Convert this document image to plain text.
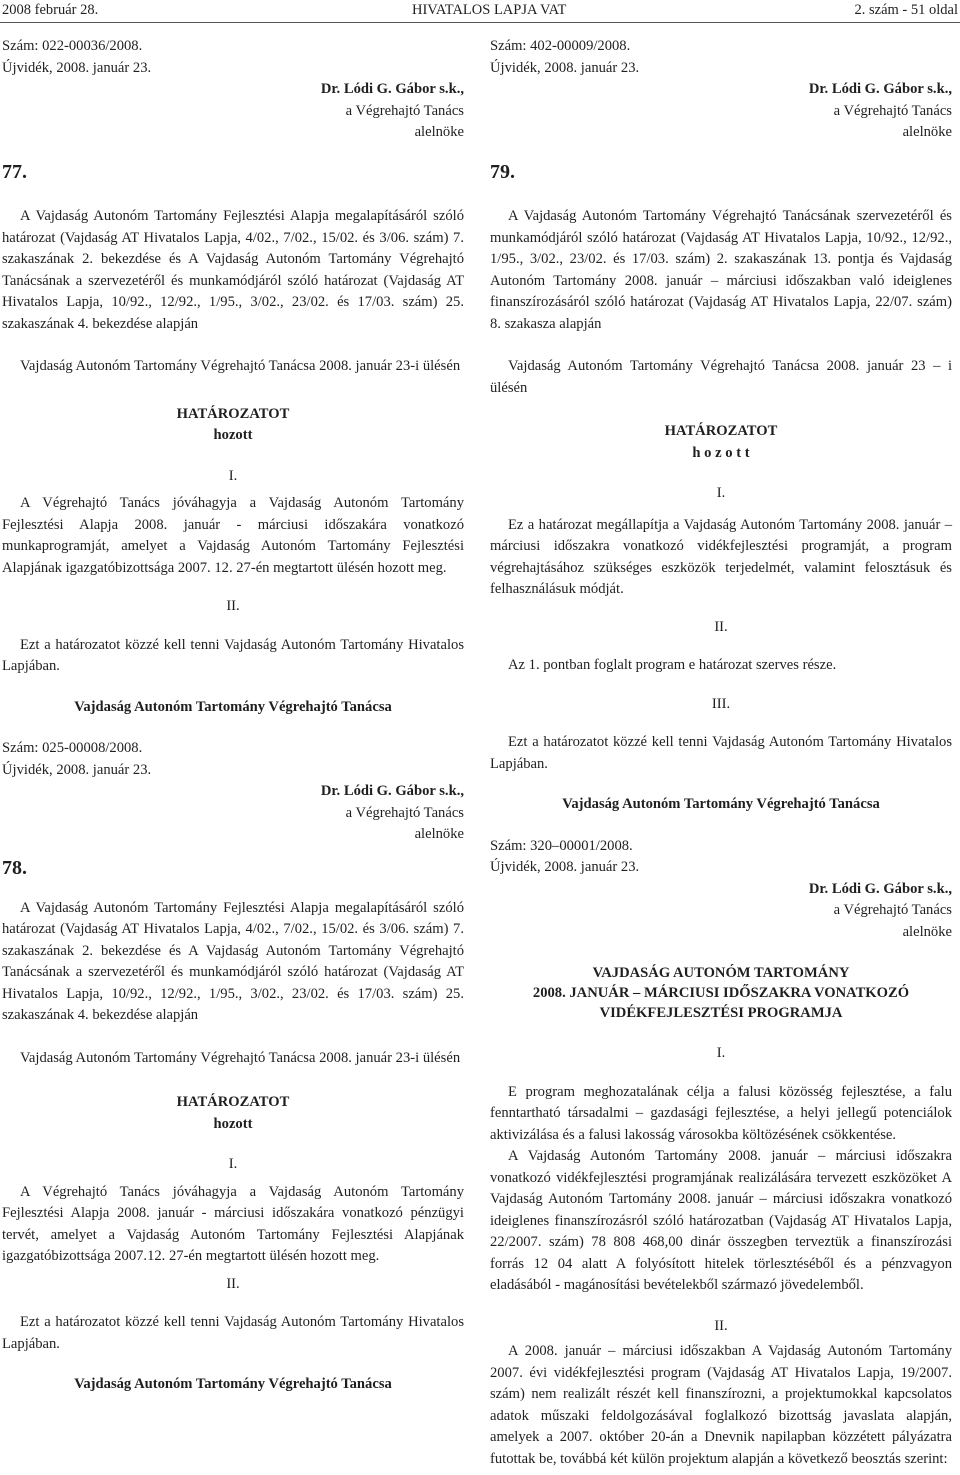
2008 február 28.	HIVATALOS LAPJA VAT	2. szám - 51 oldal

Szám: 022-00036/2008.

Újvidék, 2008. január 23.

Dr. Lódi G. Gábor s.k.,

a Végrehajtó Tanács

alelnöke

77.

A Vajdaság Autonóm Tartomány Fejlesztési Alapja megalapításáról szóló határozat (Vajdaság AT Hivatalos Lapja, 4/02., 7/02., 15/02. és 3/06. szám) 7. szakaszának 2. bekezdése és A Vajdaság Autonóm Tartomány Végrehajtó Tanácsának a szervezetéről és munkamódjáról szóló határozat (Vajdaság AT Hivatalos Lapja, 10/92., 12/92., 1/95., 3/02., 23/02. és 17/03. szám) 25. szakaszának 4. bekezdése alapján

Vajdaság Autonóm Tartomány Végrehajtó Tanácsa 2008. január 23-i ülésén

HATÁROZATOT

hozott

I.

A Végrehajtó Tanács jóváhagyja a Vajdaság Autonóm Tartomány Fejlesztési Alapja 2008. január - márciusi időszakára vonatkozó munkaprogramját, amelyet a Vajdaság Autonóm Tartomány Fejlesztési Alapjának igazgatóbizottsága 2007. 12. 27-én megtartott ülésén hozott meg.

II.

Ezt a határozatot közzé kell tenni Vajdaság Autonóm Tartomány Hivatalos Lapjában.

Vajdaság Autonóm Tartomány Végrehajtó Tanácsa

Szám: 025-00008/2008.

Újvidék, 2008. január 23.

Dr. Lódi G. Gábor s.k.,

a Végrehajtó Tanács

alelnöke

78.

A Vajdaság Autonóm Tartomány Fejlesztési Alapja megalapításáról szóló határozat (Vajdaság AT Hivatalos Lapja, 4/02., 7/02., 15/02. és 3/06. szám) 7. szakaszának 2. bekezdése és A Vajdaság Autonóm Tartomány Végrehajtó Tanácsának a szervezetéről és munkamódjáról szóló határozat (Vajdaság AT Hivatalos Lapja, 10/92., 12/92., 1/95., 3/02., 23/02. és 17/03. szám) 25. szakaszának 4. bekezdése alapján

Vajdaság Autonóm Tartomány Végrehajtó Tanácsa 2008. január 23-i ülésén

HATÁROZATOT

hozott

I.

A Végrehajtó Tanács jóváhagyja a Vajdaság Autonóm Tartomány Fejlesztési Alapja 2008. január - márciusi időszakára vonatkozó pénzügyi tervét, amelyet a Vajdaság Autonóm Tartomány Fejlesztési Alapjának igazgatóbizottsága 2007.12. 27-én megtartott ülésén hozott meg.

II.

Ezt a határozatot közzé kell tenni Vajdaság Autonóm Tartomány Hivatalos Lapjában.

Vajdaság Autonóm Tartomány Végrehajtó Tanácsa

Szám: 402-00009/2008.

Újvidék, 2008. január 23.

Dr. Lódi G. Gábor s.k.,

a Végrehajtó Tanács

alelnöke

79.

A Vajdaság Autonóm Tartomány Végrehajtó Tanácsának szervezetéről és munkamódjáról szóló határozat (Vajdaság AT Hivatalos Lapja, 10/92., 12/92., 1/95., 3/02., 23/02. és 17/03. szám) 2. szakaszának 13. pontja és Vajdaság Autonóm Tartomány 2008. január – márciusi időszakban való ideiglenes finanszírozásáról szóló határozat (Vajdaság AT Hivatalos Lapja, 22/07. szám) 8. szakasza alapján

Vajdaság Autonóm Tartomány Végrehajtó Tanácsa 2008. január 23 – i ülésén

HATÁROZATOT

h o z o t t

I.

Ez a határozat megállapítja a Vajdaság Autonóm Tartomány 2008. január – márciusi időszakra vonatkozó vidékfejlesztési programját, a program végrehajtásához szükséges eszközök terjedelmét, valamint felosztásuk és felhasználásuk módját.

II.

Az 1. pontban foglalt program e határozat szerves része.

III.

Ezt a határozatot közzé kell tenni Vajdaság Autonóm Tartomány Hivatalos Lapjában.

Vajdaság Autonóm Tartomány Végrehajtó Tanácsa

Szám: 320–00001/2008.

Újvidék, 2008. január 23.

Dr. Lódi G. Gábor s.k.,

a Végrehajtó Tanács

alelnöke

VAJDASÁG AUTONÓM TARTOMÁNY

2008. JANUÁR – MÁRCIUSI IDŐSZAKRA VONATKOZÓ

VIDÉKFEJLESZTÉSI PROGRAMJA

I.

E program meghozatalának célja a falusi közösség fejlesztése, a falu fenntartható társadalmi – gazdasági fejlesztése, a helyi jellegű potenciálok aktivizálása és a falusi lakosság városokba költözésének csökkentése.

A Vajdaság Autonóm Tartomány 2008. január – márciusi időszakra vonatkozó vidékfejlesztési programjának realizálására tervezett eszközöket A Vajdaság Autonóm Tartomány 2008. január – márciusi időszakra vonatkozó ideiglenes finanszírozásról szóló határozatban (Vajdaság AT Hivatalos Lapja, 22/2007. szám) 78 808 468,00 dinár összegben terveztük a finanszírozási forrás 12 04 alatt A folyósított hitelek törlesztéséből és a pénzvagyon eladásából - magánosítási bevételekből származó jövedelemből.

II.

A 2008. január – márciusi időszakban A Vajdaság Autonóm Tartomány 2007. évi vidékfejlesztési program (Vajdaság AT Hivatalos Lapja, 19/2007. szám) nem realizált részét kell finanszírozni, a projektumokkal kapcsolatos adatok műszaki feldolgozásával foglalkozó bizottság javaslata alapján, amelyek a 2007. október 20-án a Dnevnik napilapban közzétett pályázatra futottak be, továbbá két külön projektum alapján a következő beosztás szerint:
